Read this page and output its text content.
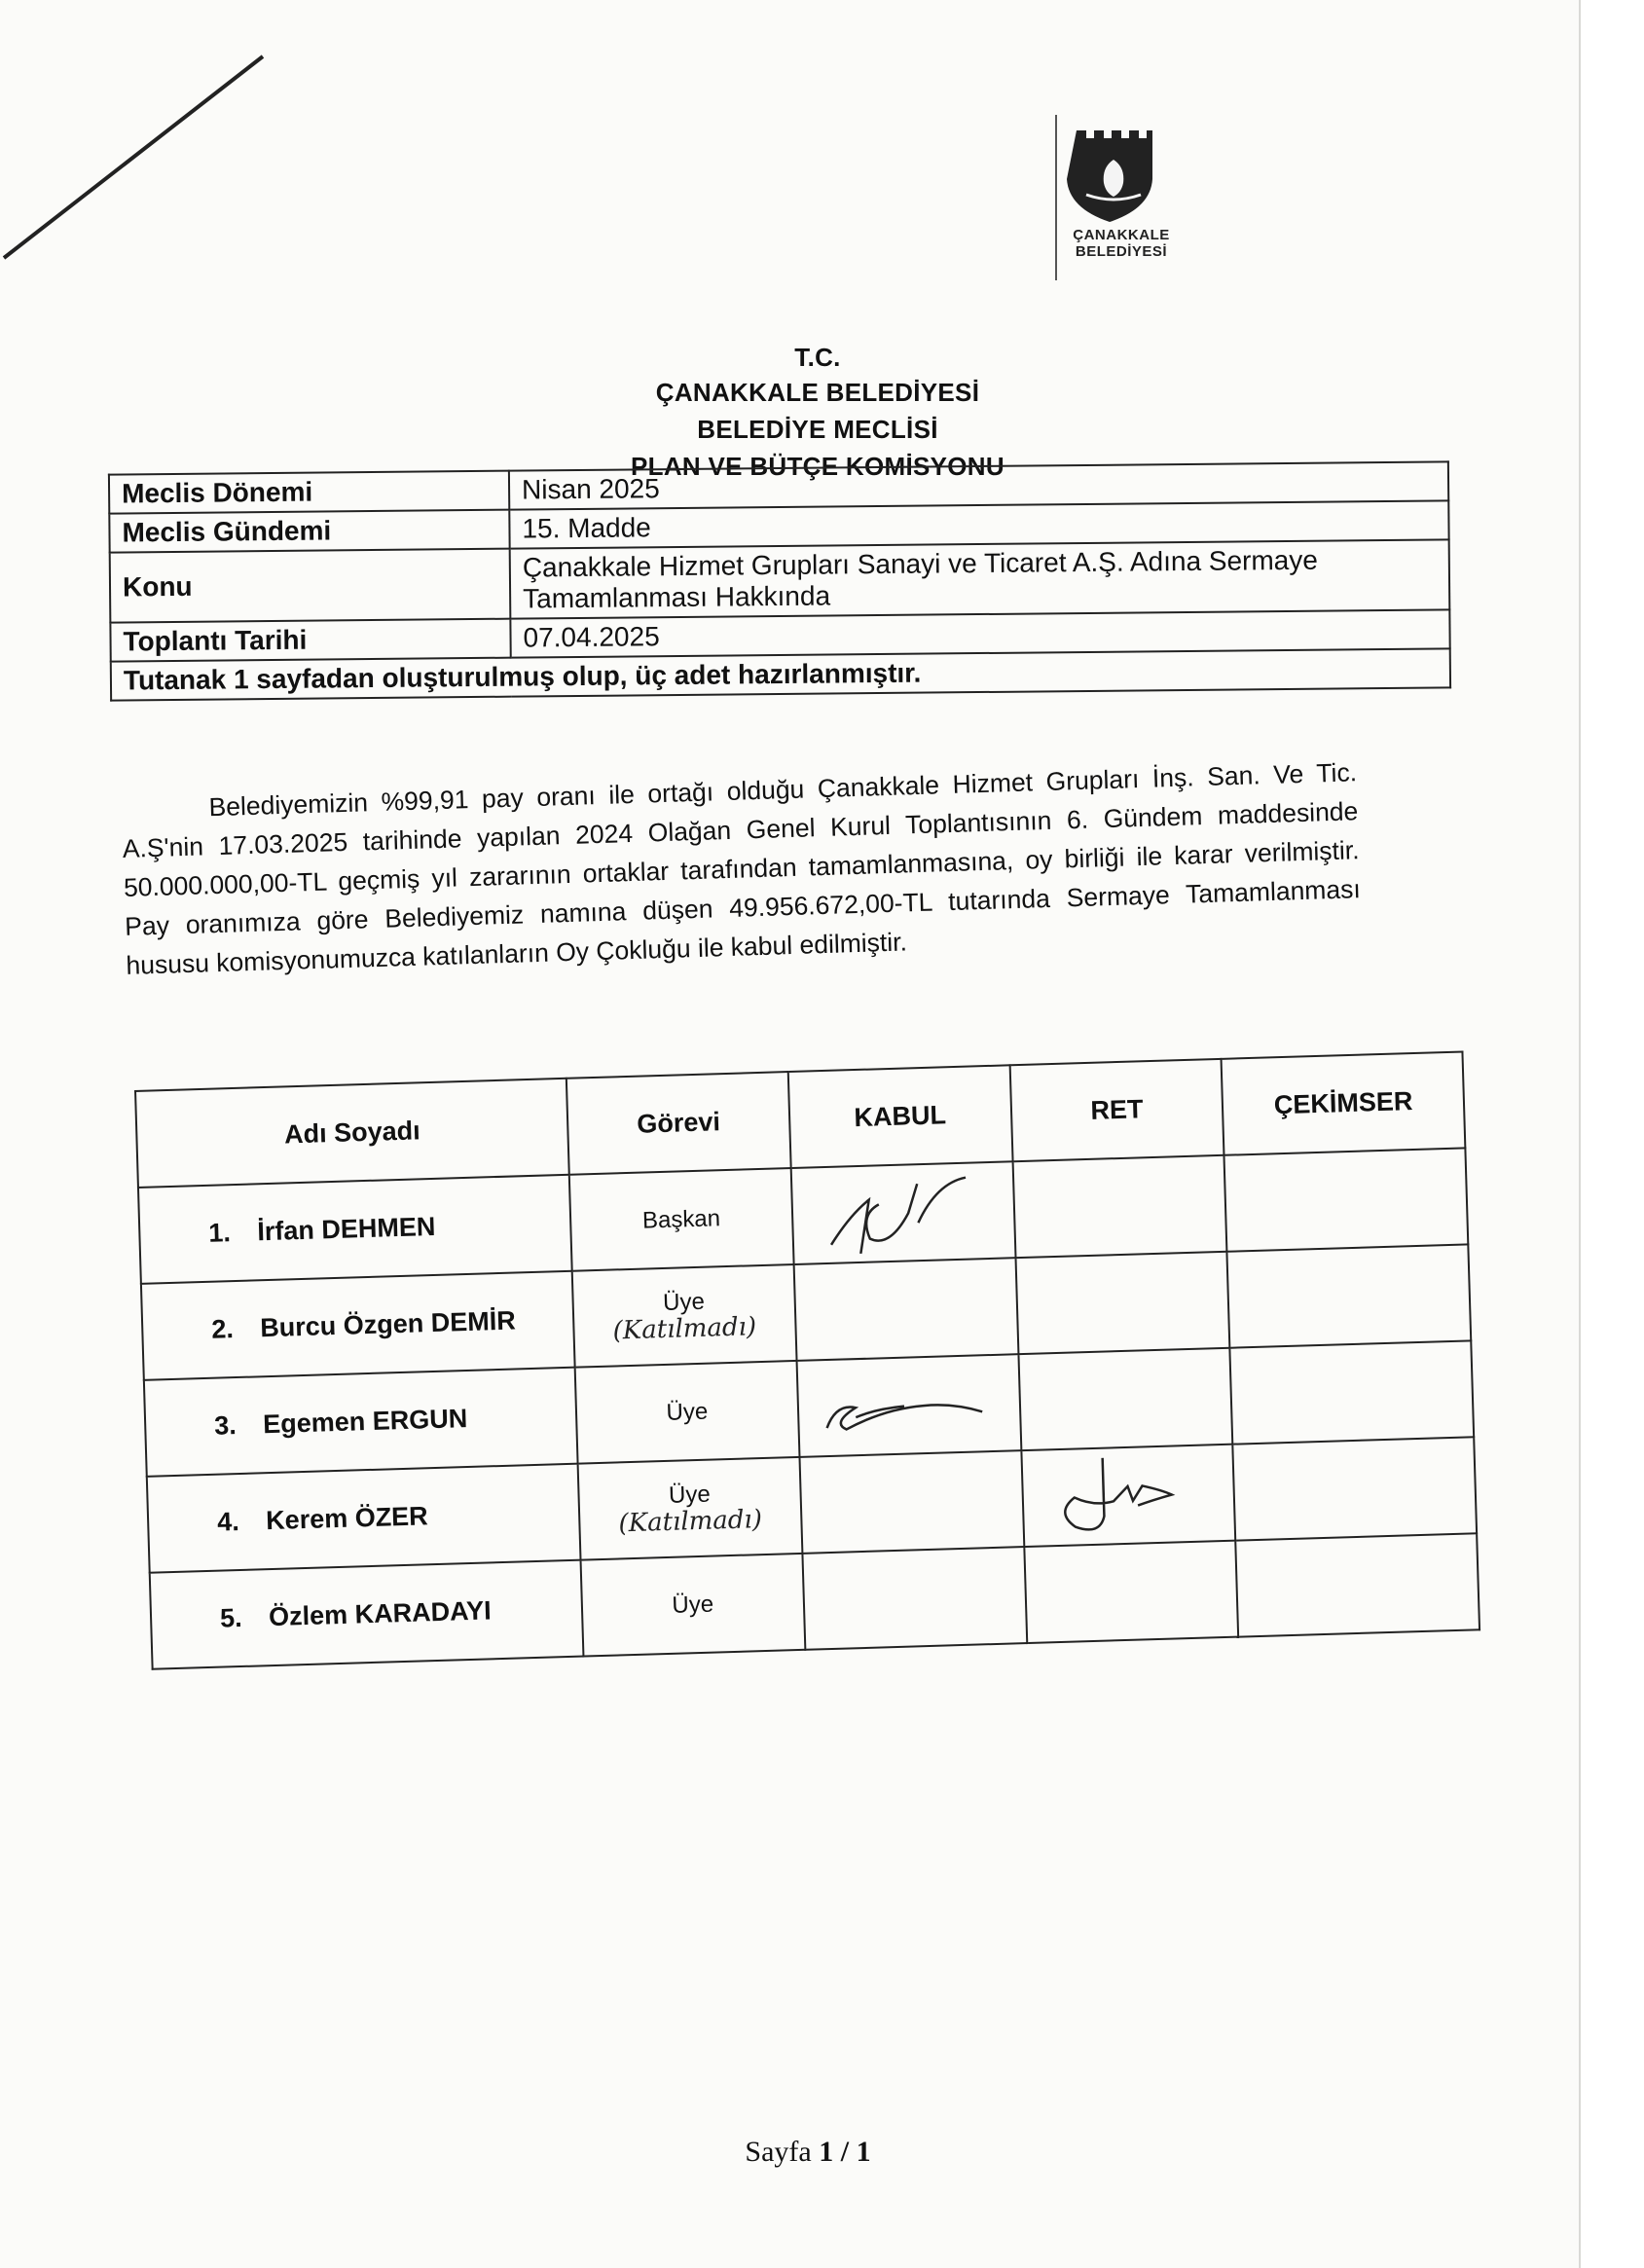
ÇANAKKALE
BELEDİYESİ
T.C.
ÇANAKKALE BELEDİYESİ
BELEDİYE MECLİSİ
PLAN VE BÜTÇE KOMİSYONU
Meclis Dönemi	Nisan 2025
Meclis Gündemi	15. Madde
Konu	Çanakkale Hizmet Grupları Sanayi ve Ticaret A.Ş. Adına Sermaye Tamamlanması Hakkında
Toplantı Tarihi	07.04.2025
Tutanak 1 sayfadan oluşturulmuş olup, üç adet hazırlanmıştır.	
Belediyemizin %99,91 pay oranı ile ortağı olduğu Çanakkale Hizmet Grupları İnş. San. Ve Tic. A.Ş'nin 17.03.2025 tarihinde yapılan 2024 Olağan Genel Kurul Toplantısının 6. Gündem maddesinde 50.000.000,00-TL geçmiş yıl zararının ortaklar tarafından tamamlanmasına, oy birliği ile karar verilmiştir. Pay oranımıza göre Belediyemiz namına düşen 49.956.672,00-TL tutarında Sermaye Tamamlanması hususu komisyonumuzca katılanların Oy Çokluğu ile kabul edilmiştir.
Adı Soyadı	Görevi	KABUL	RET	ÇEKİMSER
1. İrfan DEHMEN	Başkan	

2. Burcu Özgen DEMİR	Üye
(Katılmadı)			

3. Egemen ERGUN	Üye	

4. Kerem ÖZER	Üye
(Katılmadı)

5. Özlem KARADAYI	Üye			
Sayfa 1 / 1
